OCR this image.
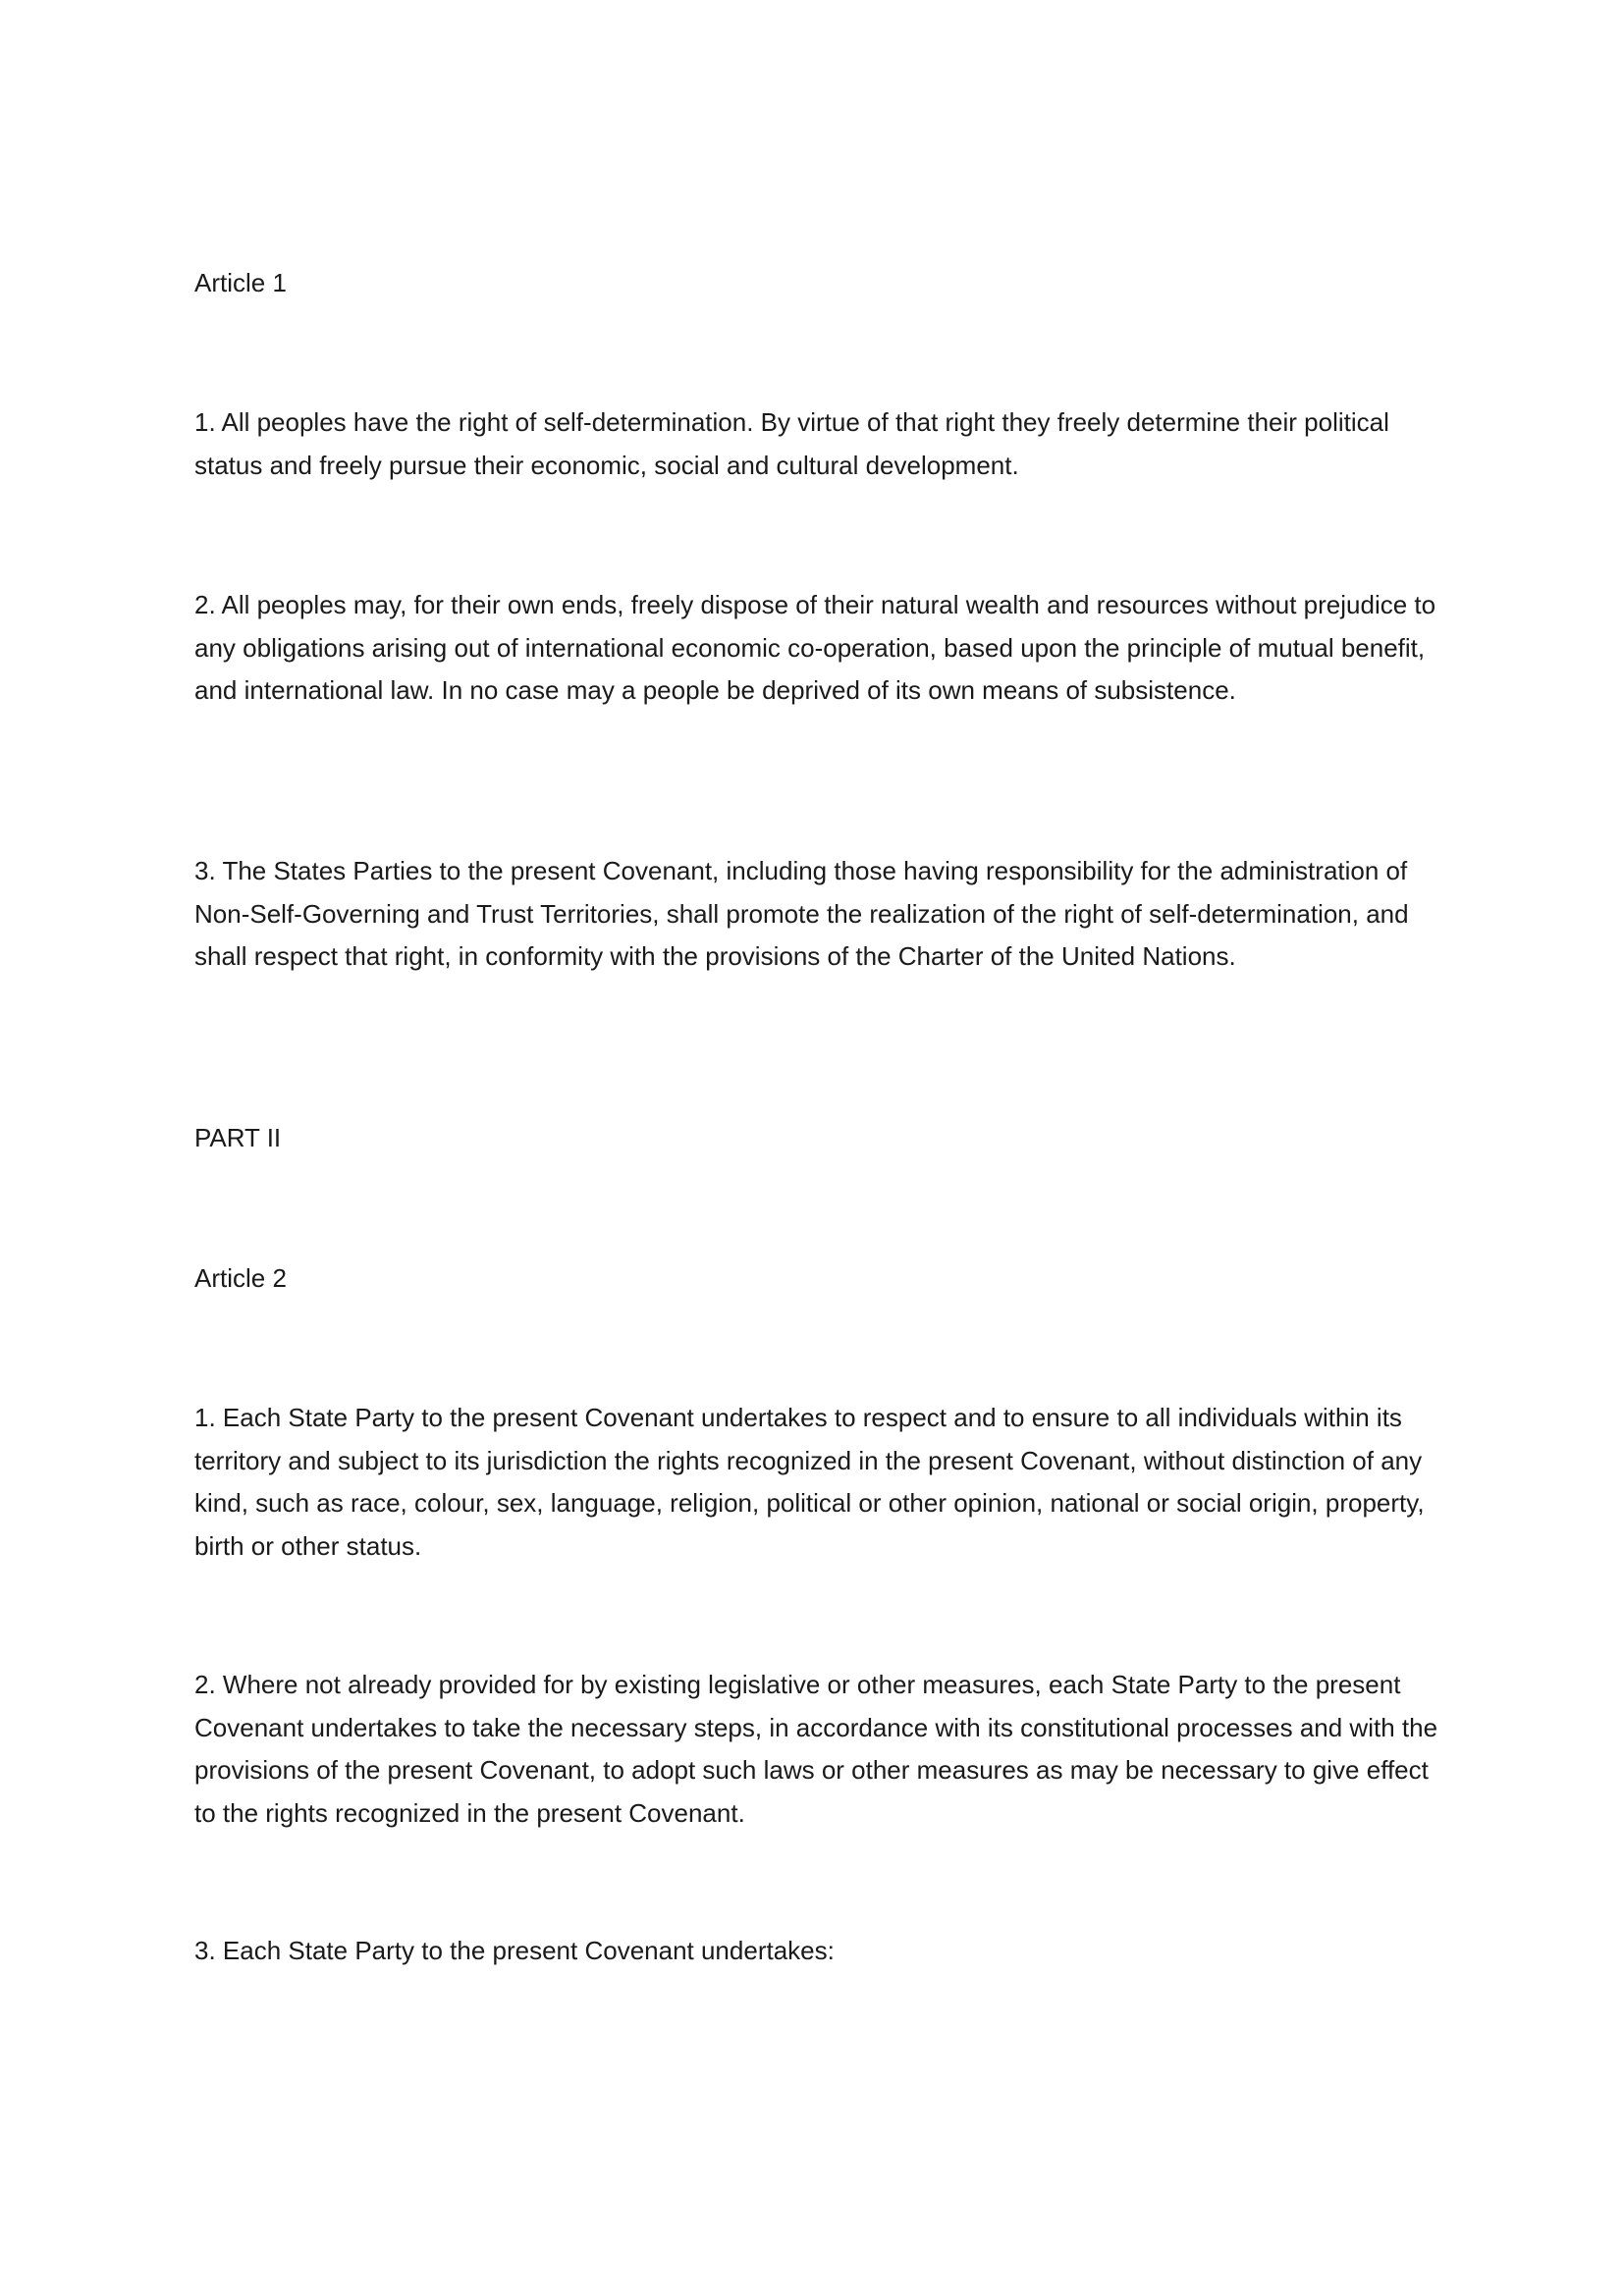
Article 1

1. All peoples have the right of self-determination. By virtue of that right they freely determine their political status and freely pursue their economic, social and cultural development.

2. All peoples may, for their own ends, freely dispose of their natural wealth and resources without prejudice to any obligations arising out of international economic co-operation, based upon the principle of mutual benefit, and international law. In no case may a people be deprived of its own means of subsistence.

3. The States Parties to the present Covenant, including those having responsibility for the administration of Non-Self-Governing and Trust Territories, shall promote the realization of the right of self-determination, and shall respect that right, in conformity with the provisions of the Charter of the United Nations.

PART II

Article 2

1. Each State Party to the present Covenant undertakes to respect and to ensure to all individuals within its territory and subject to its jurisdiction the rights recognized in the present Covenant, without distinction of any kind, such as race, colour, sex, language, religion, political or other opinion, national or social origin, property, birth or other status.

2. Where not already provided for by existing legislative or other measures, each State Party to the present Covenant undertakes to take the necessary steps, in accordance with its constitutional processes and with the provisions of the present Covenant, to adopt such laws or other measures as may be necessary to give effect to the rights recognized in the present Covenant.

3. Each State Party to the present Covenant undertakes:
